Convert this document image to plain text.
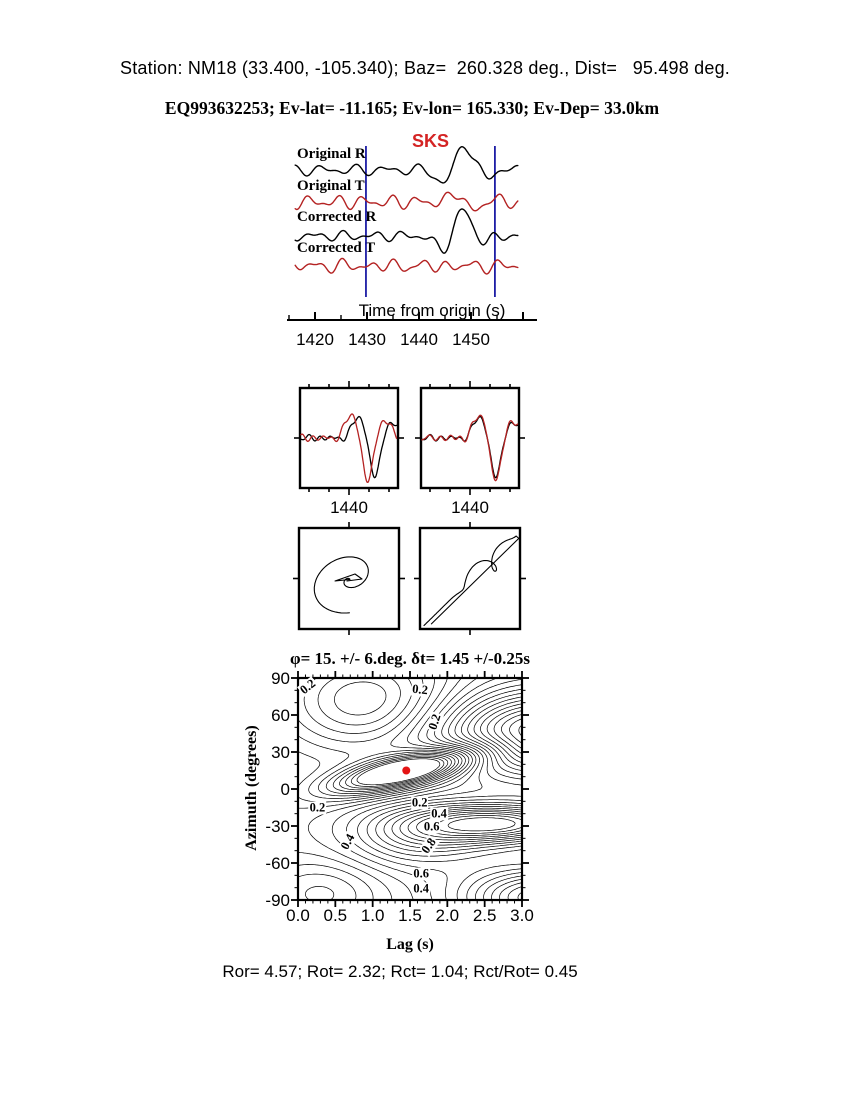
Station: NM18 (33.400, -105.340); Baz=  260.328 deg., Dist=   95.498 deg.
EQ993632253; Ev-lat= -11.165; Ev-lon= 165.330; Ev-Dep= 33.0km
SKS
Original R
Original T
Corrected R
Corrected T
Time from origin (s)
1440	1440
φ= 15. +/- 6.deg. δt= 1.45 +/-0.25s
Azimuth (degrees)
Lag (s)
Ror= 4.57; Rot= 2.32; Rct= 1.04; Rct/Rot= 0.45
1420 1430 1440 1450
0.0 0.5 1.0 1.5 2.0 2.5 3.0
90
60
30
0
-30
-60
-90
0.2	0.2
0.2
0.2
0.4
0.2
0.4
0.6
0.8
0.6
0.4
